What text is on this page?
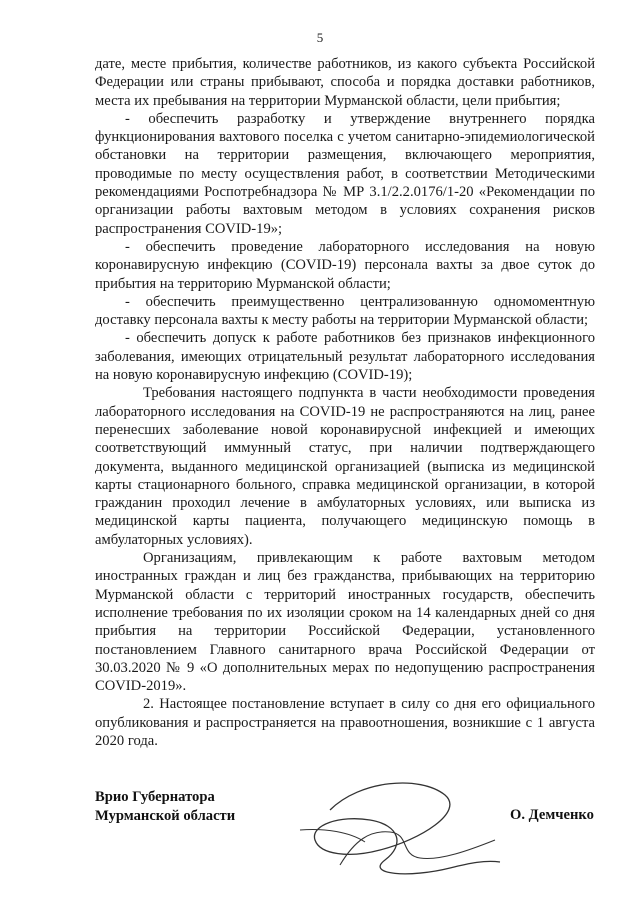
5

дате, месте прибытия, количестве работников, из какого субъекта Российской Федерации или страны прибывают, способа и порядка доставки работников, места их пребывания на территории Мурманской области, цели прибытия;

- обеспечить разработку и утверждение внутреннего порядка функционирования вахтового поселка с учетом санитарно-эпидемиологической обстановки на территории размещения, включающего мероприятия, проводимые по месту осуществления работ, в соответствии Методическими рекомендациями Роспотребнадзора № МР 3.1/2.2.0176/1-20 «Рекомендации по организации работы вахтовым методом в условиях сохранения рисков распространения COVID-19»;

- обеспечить проведение лабораторного исследования на новую коронавирусную инфекцию (COVID-19) персонала вахты за двое суток до прибытия на территорию Мурманской области;

- обеспечить преимущественно централизованную одномоментную доставку персонала вахты к месту работы на территории Мурманской области;

- обеспечить допуск к работе работников без признаков инфекционного заболевания, имеющих отрицательный результат лабораторного исследования на новую коронавирусную инфекцию (COVID-19);

Требования настоящего подпункта в части необходимости проведения лабораторного исследования на COVID-19 не распространяются на лиц, ранее перенесших заболевание новой коронавирусной инфекцией и имеющих соответствующий иммунный статус, при наличии подтверждающего документа, выданного медицинской организацией (выписка из медицинской карты стационарного больного, справка медицинской организации, в которой гражданин проходил лечение в амбулаторных условиях, или выписка из медицинской карты пациента, получающего медицинскую помощь в амбулаторных условиях).

Организациям, привлекающим к работе вахтовым методом иностранных граждан и лиц без гражданства, прибывающих на территорию Мурманской области с территорий иностранных государств, обеспечить исполнение требования по их изоляции сроком на 14 календарных дней со дня прибытия на территории Российской Федерации, установленного постановлением Главного санитарного врача Российской Федерации от 30.03.2020 № 9 «О дополнительных мерах по недопущению распространения COVID-2019».

2. Настоящее постановление вступает в силу со дня его официального опубликования и распространяется на правоотношения, возникшие с 1 августа 2020 года.

Врио Губернатора
Мурманской области	О. Демченко
